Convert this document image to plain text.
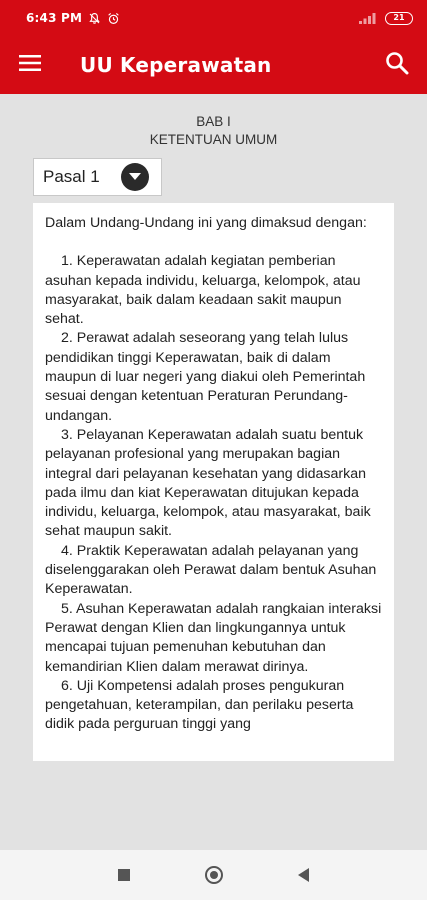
6:43 PM	21
UU Keperawatan
BAB I
KETENTUAN UMUM
Pasal 1

Dalam Undang-Undang ini yang dimaksud dengan:

1. Keperawatan adalah kegiatan pemberian asuhan kepada individu, keluarga, kelompok, atau masyarakat, baik dalam keadaan sakit maupun sehat.

2. Perawat adalah seseorang yang telah lulus pendidikan tinggi Keperawatan, baik di dalam maupun di luar negeri yang diakui oleh Pemerintah sesuai dengan ketentuan Peraturan Perundang-undangan.

3. Pelayanan Keperawatan adalah suatu bentuk pelayanan profesional yang merupakan bagian integral dari pelayanan kesehatan yang didasarkan pada ilmu dan kiat Keperawatan ditujukan kepada individu, keluarga, kelompok, atau masyarakat, baik sehat maupun sakit.

4. Praktik Keperawatan adalah pelayanan yang diselenggarakan oleh Perawat dalam bentuk Asuhan Keperawatan.

5. Asuhan Keperawatan adalah rangkaian interaksi Perawat dengan Klien dan lingkungannya untuk mencapai tujuan pemenuhan kebutuhan dan kemandirian Klien dalam merawat dirinya.

6. Uji Kompetensi adalah proses pengukuran pengetahuan, keterampilan, dan perilaku peserta didik pada perguruan tinggi yang
